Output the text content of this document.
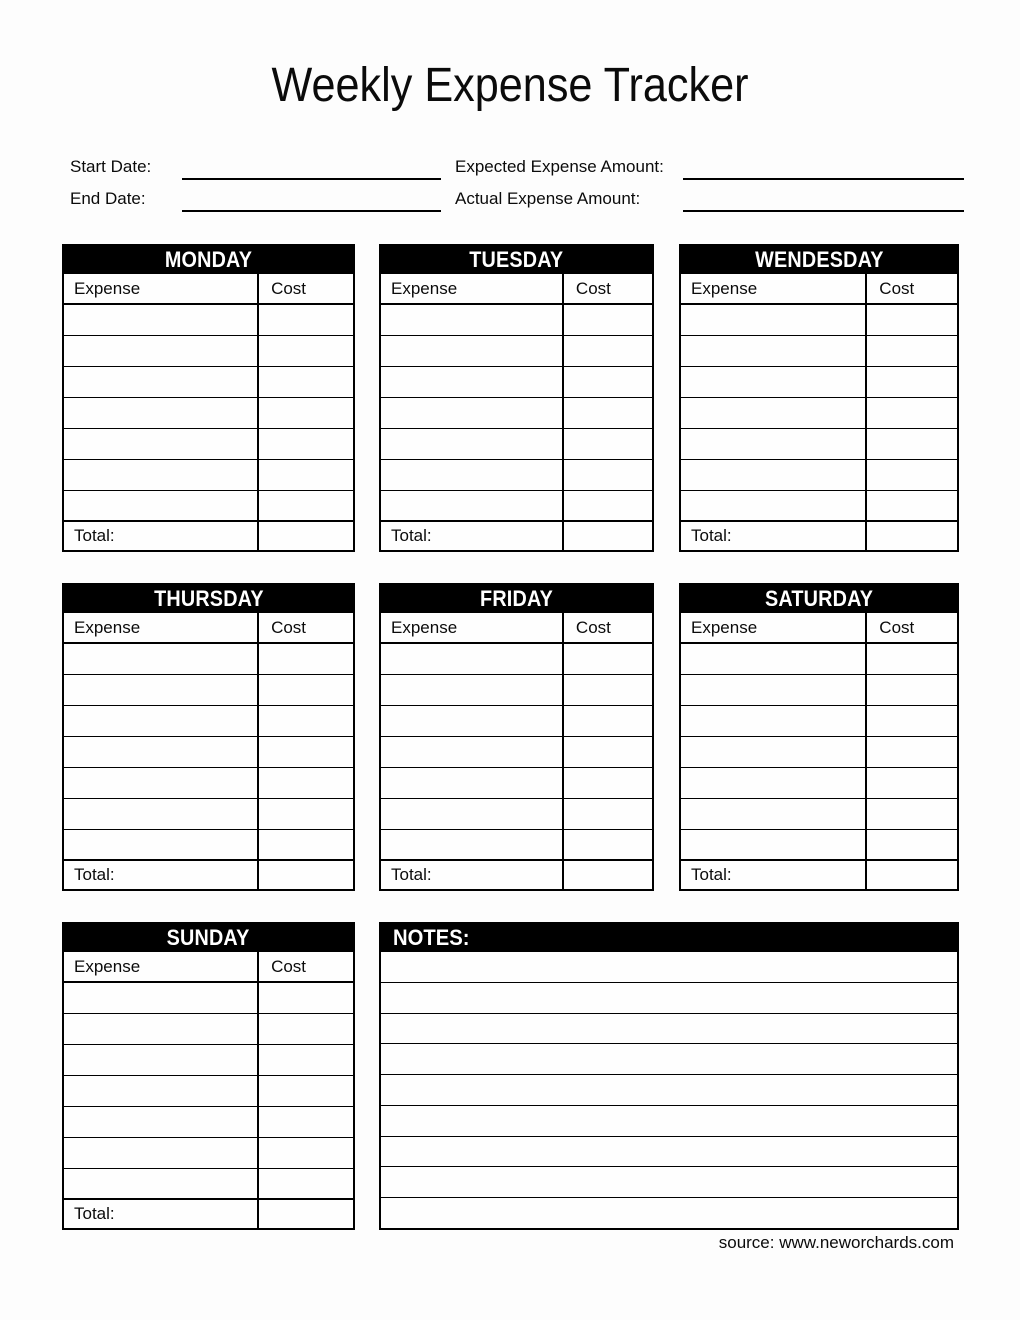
Weekly Expense Tracker
Start Date:
End Date:
Expected Expense Amount:
Actual Expense Amount:
MONDAY
Expense	Cost
Total:
TUESDAY
Expense	Cost
Total:
WENDESDAY
Expense	Cost
Total:
THURSDAY
Expense	Cost
Total:
FRIDAY
Expense	Cost
Total:
SATURDAY
Expense	Cost
Total:
SUNDAY
Expense	Cost
Total:
NOTES:
source: www.neworchards.com
